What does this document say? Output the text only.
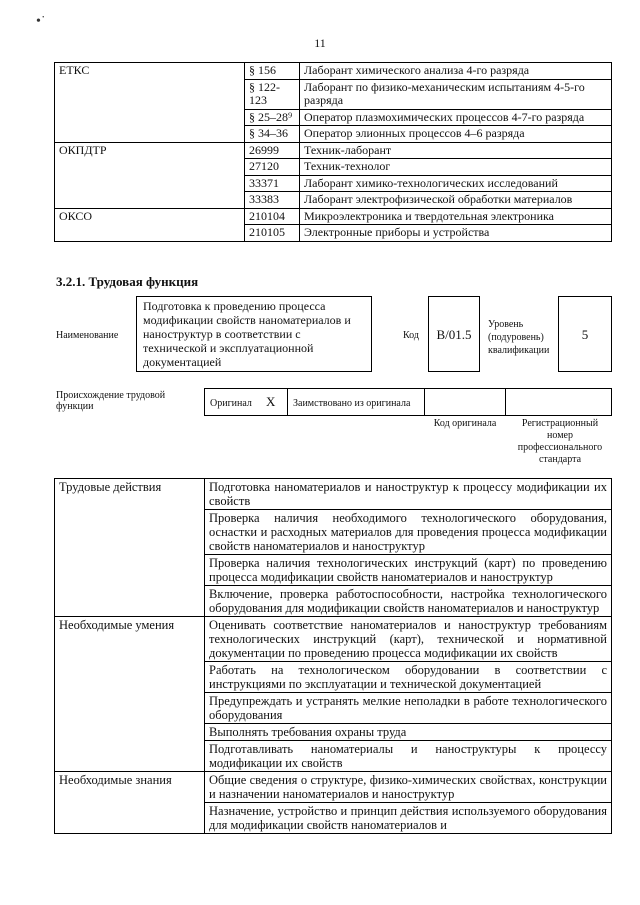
•˙
11
ЕТКС	§ 156	Лаборант химического анализа 4-го разряда
	§ 122-123	Лаборант по физико-механическим испытаниям 4-5-го разряда
	§ 25–28⁹	Оператор плазмохимических процессов 4-7-го разряда
	§ 34–36	Оператор элионных процессов 4–6 разряда
ОКПДТР	26999	Техник-лаборант
	27120	Техник-технолог
	33371	Лаборант химико-технологических исследований
	33383	Лаборант электрофизической обработки материалов
ОКСО	210104	Микроэлектроника и твердотельная электроника
	210105	Электронные приборы и устройства
3.2.1. Трудовая функция
Наименование
Подготовка к проведению процесса модификации свойств наноматериалов и наноструктур в соответствии с технической и эксплуатационной документацией
Код	B/01.5
Уровень (подуровень) квалификации
5
Происхождение трудовой функции	Оригинал X Заимствовано из оригинала
Код оригинала	Регистрационный номер профессионального стандарта
Трудовые действия	Подготовка наноматериалов и наноструктур к процессу модификации их свойств
	Проверка наличия необходимого технологического оборудования, оснастки и расходных материалов для проведения процесса модификации свойств наноматериалов и наноструктур
	Проверка наличия технологических инструкций (карт) по проведению процесса модификации свойств наноматериалов и наноструктур
	Включение, проверка работоспособности, настройка технологического оборудования для модификации свойств наноматериалов и наноструктур
Необходимые умения	Оценивать соответствие наноматериалов и наноструктур требованиям технологических инструкций (карт), технической и нормативной документации по проведению процесса модификации их свойств
	Работать на технологическом оборудовании в соответствии с инструкциями по эксплуатации и технической документацией
	Предупреждать и устранять мелкие неполадки в работе технологического оборудования
	Выполнять требования охраны труда
	Подготавливать наноматериалы и наноструктуры к процессу модификации их свойств
Необходимые знания	Общие сведения о структуре, физико-химических свойствах, конструкции и назначении наноматериалов и наноструктур
	Назначение, устройство и принцип действия используемого оборудования для модификации свойств наноматериалов и
